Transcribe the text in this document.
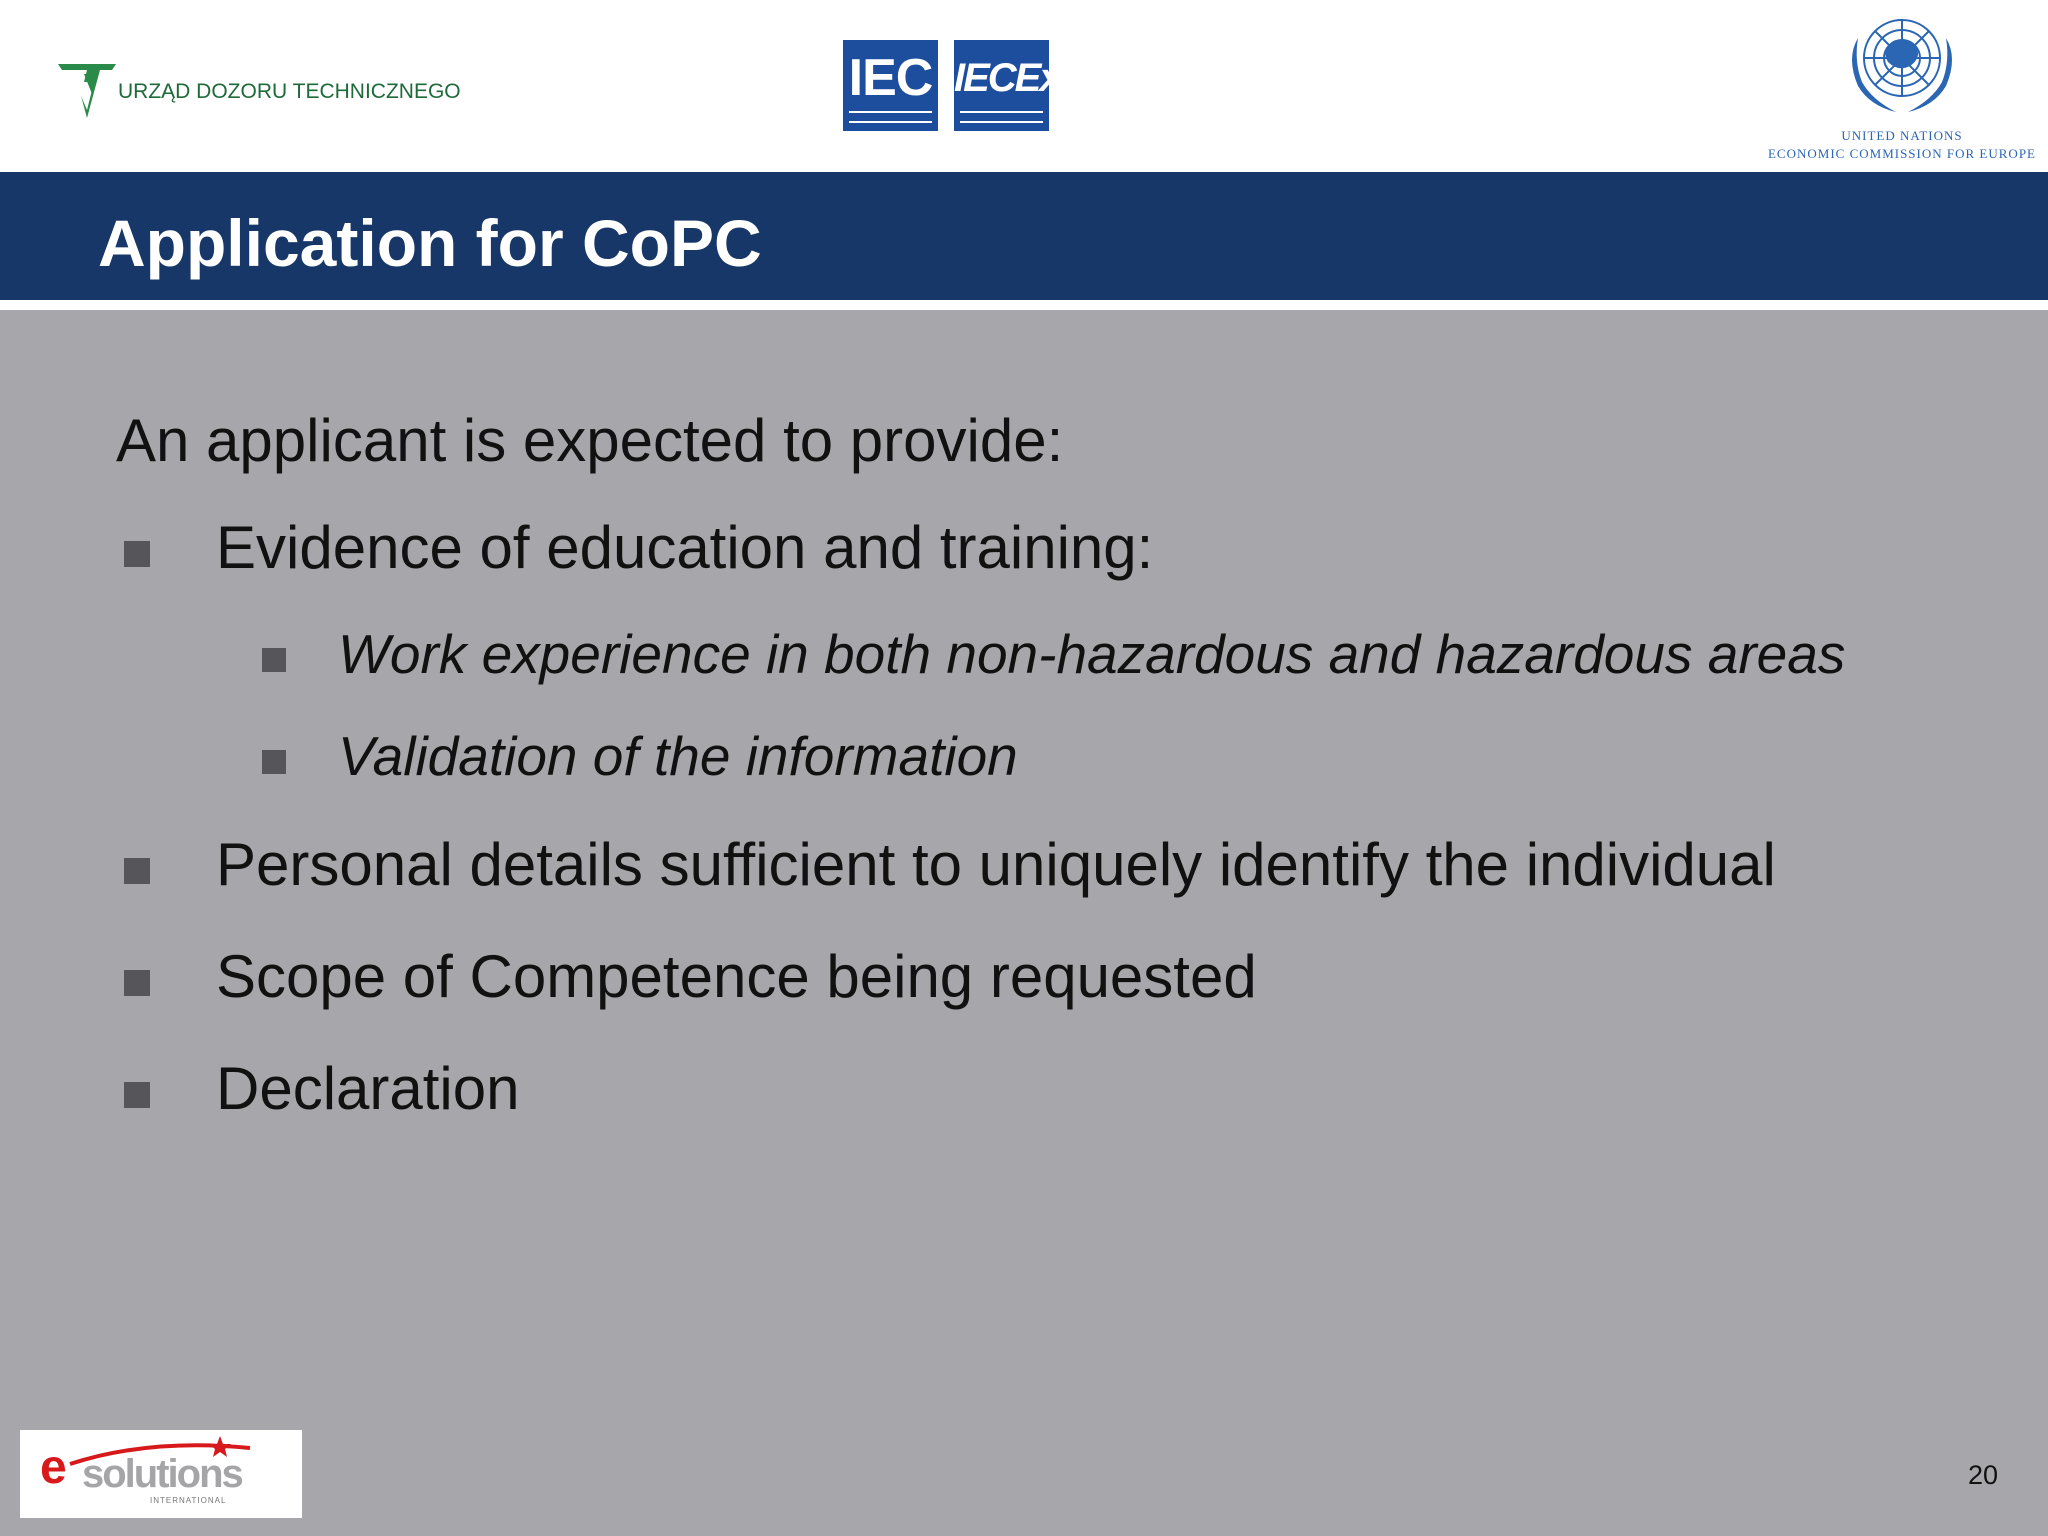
URZĄD DOZORU TECHNICZNEGO	IEC IECEx
UNITED NATIONS
ECONOMIC COMMISSION FOR EUROPE
Application for CoPC
An applicant is expected to provide:
Evidence of education and training:
Work experience in both non-hazardous and hazardous areas
Validation of the information
Personal details sufficient to uniquely identify the individual
Scope of Competence being requested
Declaration
e solutions
INTERNATIONAL
20
